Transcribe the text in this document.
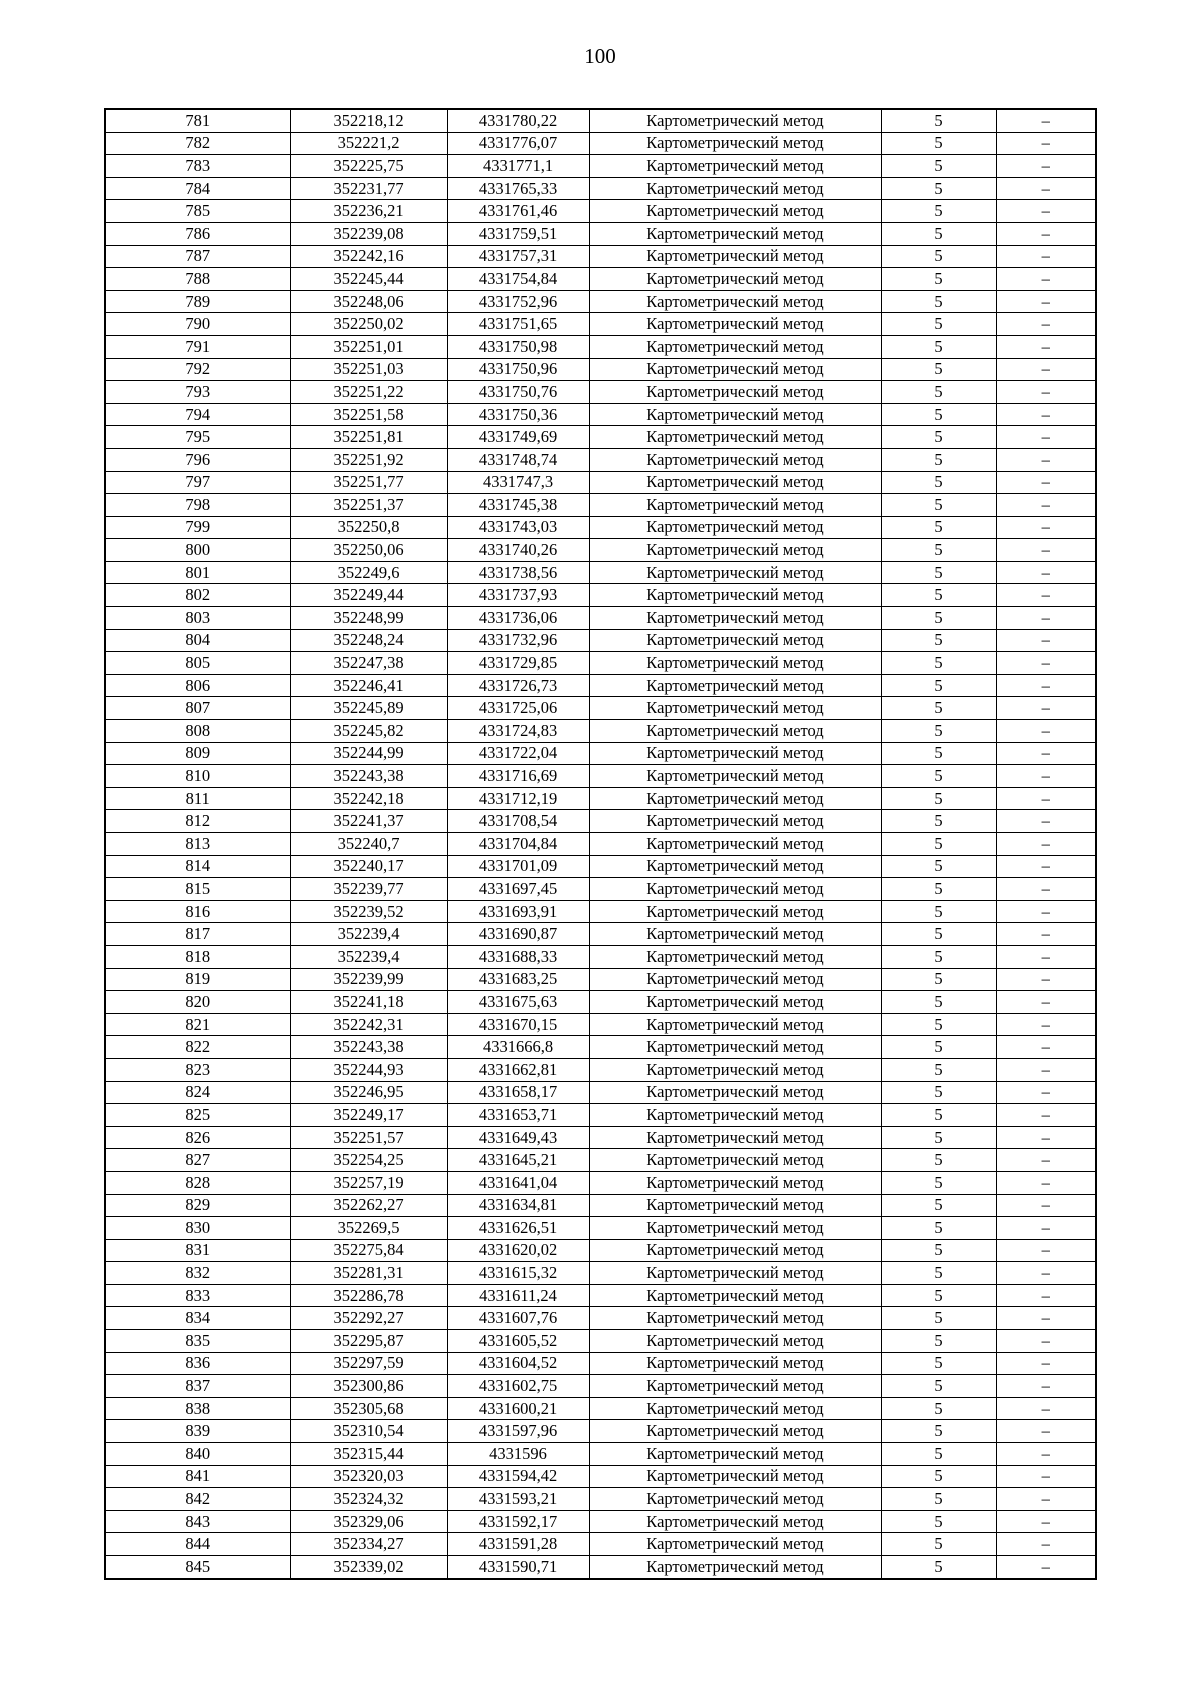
100
781	352218,12	4331780,22	Картометрический метод	5	–
782	352221,2	4331776,07	Картометрический метод	5	–
783	352225,75	4331771,1	Картометрический метод	5	–
784	352231,77	4331765,33	Картометрический метод	5	–
785	352236,21	4331761,46	Картометрический метод	5	–
786	352239,08	4331759,51	Картометрический метод	5	–
787	352242,16	4331757,31	Картометрический метод	5	–
788	352245,44	4331754,84	Картометрический метод	5	–
789	352248,06	4331752,96	Картометрический метод	5	–
790	352250,02	4331751,65	Картометрический метод	5	–
791	352251,01	4331750,98	Картометрический метод	5	–
792	352251,03	4331750,96	Картометрический метод	5	–
793	352251,22	4331750,76	Картометрический метод	5	–
794	352251,58	4331750,36	Картометрический метод	5	–
795	352251,81	4331749,69	Картометрический метод	5	–
796	352251,92	4331748,74	Картометрический метод	5	–
797	352251,77	4331747,3	Картометрический метод	5	–
798	352251,37	4331745,38	Картометрический метод	5	–
799	352250,8	4331743,03	Картометрический метод	5	–
800	352250,06	4331740,26	Картометрический метод	5	–
801	352249,6	4331738,56	Картометрический метод	5	–
802	352249,44	4331737,93	Картометрический метод	5	–
803	352248,99	4331736,06	Картометрический метод	5	–
804	352248,24	4331732,96	Картометрический метод	5	–
805	352247,38	4331729,85	Картометрический метод	5	–
806	352246,41	4331726,73	Картометрический метод	5	–
807	352245,89	4331725,06	Картометрический метод	5	–
808	352245,82	4331724,83	Картометрический метод	5	–
809	352244,99	4331722,04	Картометрический метод	5	–
810	352243,38	4331716,69	Картометрический метод	5	–
811	352242,18	4331712,19	Картометрический метод	5	–
812	352241,37	4331708,54	Картометрический метод	5	–
813	352240,7	4331704,84	Картометрический метод	5	–
814	352240,17	4331701,09	Картометрический метод	5	–
815	352239,77	4331697,45	Картометрический метод	5	–
816	352239,52	4331693,91	Картометрический метод	5	–
817	352239,4	4331690,87	Картометрический метод	5	–
818	352239,4	4331688,33	Картометрический метод	5	–
819	352239,99	4331683,25	Картометрический метод	5	–
820	352241,18	4331675,63	Картометрический метод	5	–
821	352242,31	4331670,15	Картометрический метод	5	–
822	352243,38	4331666,8	Картометрический метод	5	–
823	352244,93	4331662,81	Картометрический метод	5	–
824	352246,95	4331658,17	Картометрический метод	5	–
825	352249,17	4331653,71	Картометрический метод	5	–
826	352251,57	4331649,43	Картометрический метод	5	–
827	352254,25	4331645,21	Картометрический метод	5	–
828	352257,19	4331641,04	Картометрический метод	5	–
829	352262,27	4331634,81	Картометрический метод	5	–
830	352269,5	4331626,51	Картометрический метод	5	–
831	352275,84	4331620,02	Картометрический метод	5	–
832	352281,31	4331615,32	Картометрический метод	5	–
833	352286,78	4331611,24	Картометрический метод	5	–
834	352292,27	4331607,76	Картометрический метод	5	–
835	352295,87	4331605,52	Картометрический метод	5	–
836	352297,59	4331604,52	Картометрический метод	5	–
837	352300,86	4331602,75	Картометрический метод	5	–
838	352305,68	4331600,21	Картометрический метод	5	–
839	352310,54	4331597,96	Картометрический метод	5	–
840	352315,44	4331596	Картометрический метод	5	–
841	352320,03	4331594,42	Картометрический метод	5	–
842	352324,32	4331593,21	Картометрический метод	5	–
843	352329,06	4331592,17	Картометрический метод	5	–
844	352334,27	4331591,28	Картометрический метод	5	–
845	352339,02	4331590,71	Картометрический метод	5	–
